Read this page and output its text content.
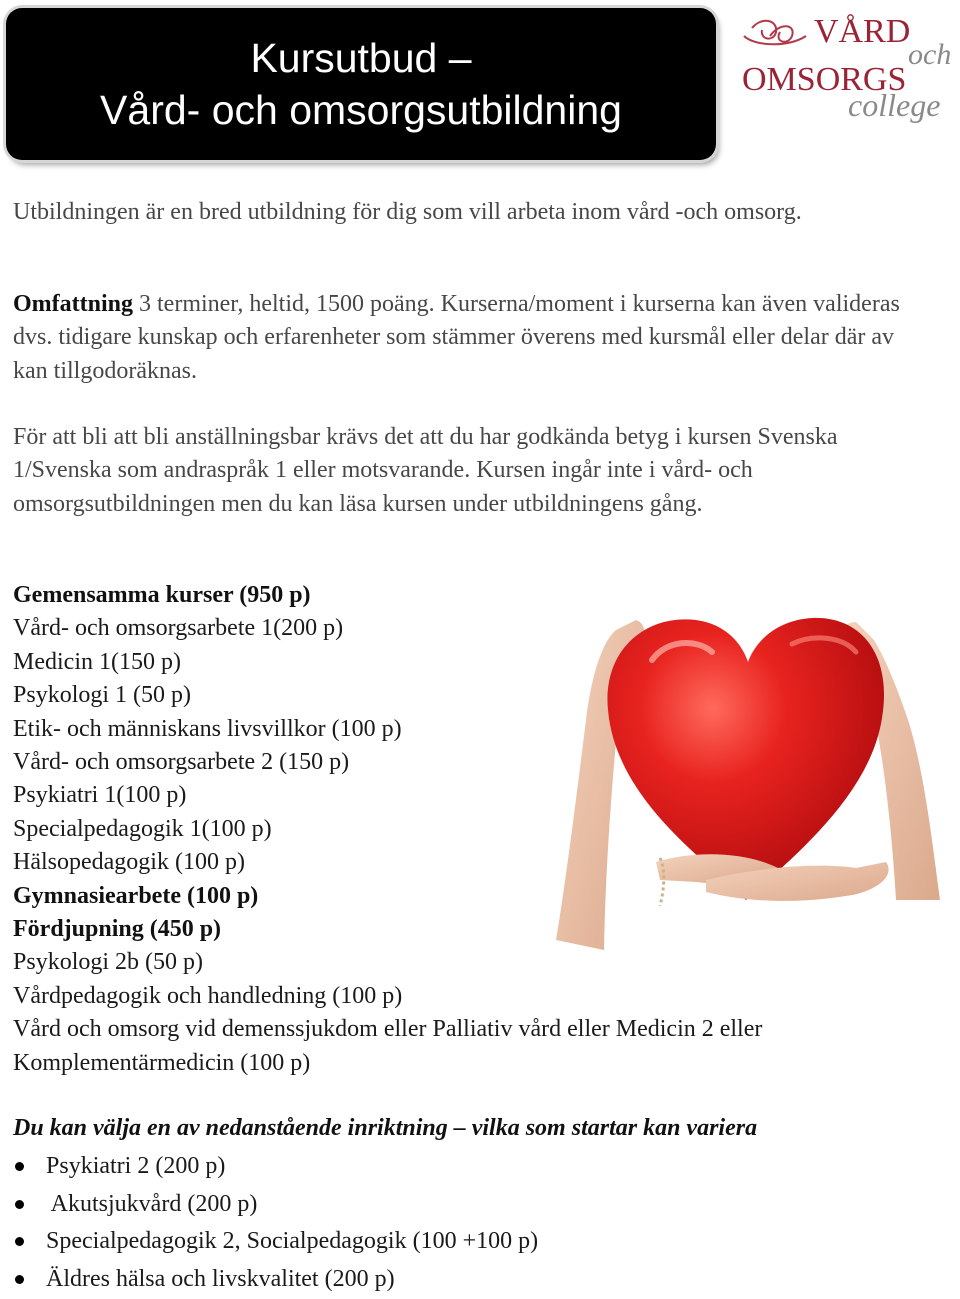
Kursutbud –
Vård- och omsorgsutbildning
VÅRD
och
OMSORGS
college
Utbildningen är en bred utbildning för dig som vill arbeta inom vård -och omsorg.
Omfattning 3 terminer, heltid, 1500 poäng. Kurserna/moment i kurserna kan även valideras dvs. tidigare kunskap och erfarenheter som stämmer överens med kursmål eller delar där av kan tillgodoräknas.
För att bli att bli anställningsbar krävs det att du har godkända betyg i kursen Svenska 1/Svenska som andraspråk 1 eller motsvarande. Kursen ingår inte i vård- och omsorgsutbildningen men du kan läsa kursen under utbildningens gång.
Gemensamma kurser (950 p)
Vård- och omsorgsarbete 1(200 p)
Medicin 1(150 p)
Psykologi 1 (50 p)
Etik- och människans livsvillkor (100 p)
Vård- och omsorgsarbete 2 (150 p)
Psykiatri 1(100 p)
Specialpedagogik 1(100 p)
Hälsopedagogik (100 p)
Gymnasiearbete (100 p)
Fördjupning (450 p)
Psykologi 2b (50 p)
Vårdpedagogik och handledning (100 p)
Vård och omsorg vid demenssjukdom eller Palliativ vård eller Medicin 2 eller Komplementärmedicin (100 p)
Du kan välja en av nedanstående inriktning – vilka som startar kan variera
Psykiatri 2 (200 p)
Akutsjukvård (200 p)
Specialpedagogik 2, Socialpedagogik (100 +100 p)
Äldres hälsa och livskvalitet (200 p)
